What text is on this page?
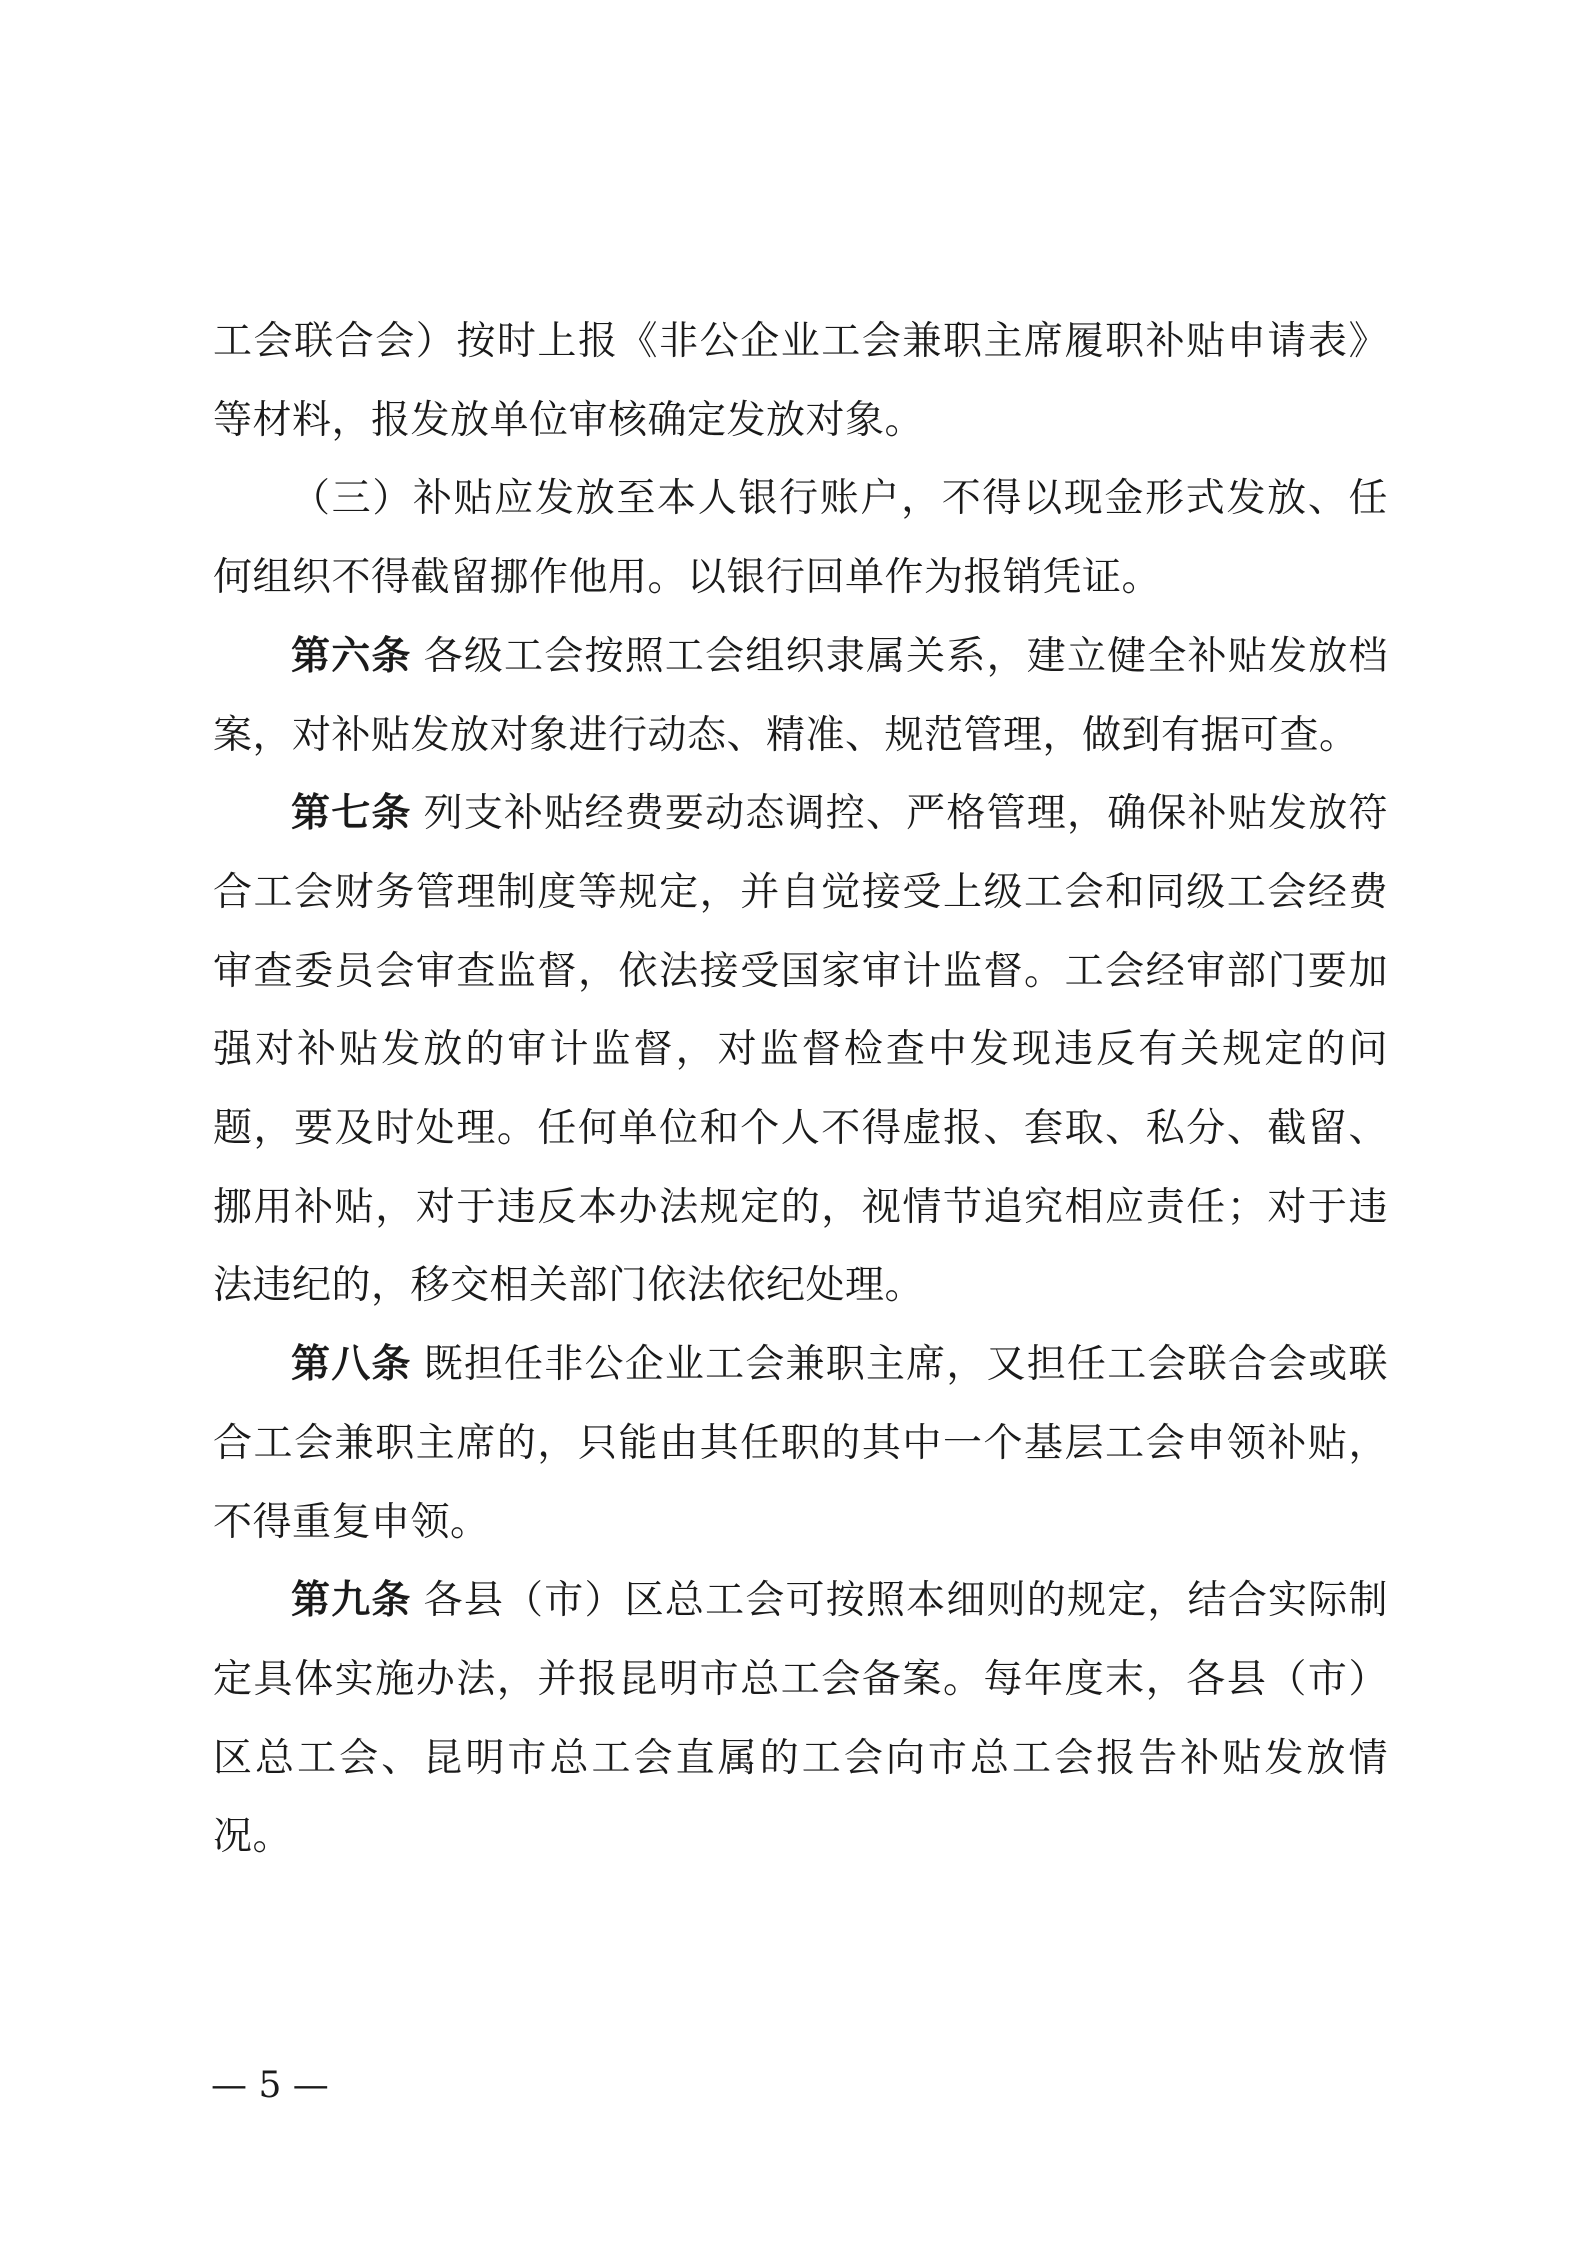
工会联合会）按时上报《非公企业工会兼职主席履职补贴申请表》等材料，报发放单位审核确定发放对象。

（三）补贴应发放至本人银行账户，不得以现金形式发放、任何组织不得截留挪作他用。以银行回单作为报销凭证。

第六条 各级工会按照工会组织隶属关系，建立健全补贴发放档案，对补贴发放对象进行动态、精准、规范管理，做到有据可查。

第七条 列支补贴经费要动态调控、严格管理，确保补贴发放符合工会财务管理制度等规定，并自觉接受上级工会和同级工会经费审查委员会审查监督，依法接受国家审计监督。工会经审部门要加强对补贴发放的审计监督，对监督检查中发现违反有关规定的问题，要及时处理。任何单位和个人不得虚报、套取、私分、截留、挪用补贴，对于违反本办法规定的，视情节追究相应责任；对于违法违纪的，移交相关部门依法依纪处理。

第八条 既担任非公企业工会兼职主席，又担任工会联合会或联合工会兼职主席的，只能由其任职的其中一个基层工会申领补贴，不得重复申领。

第九条 各县（市）区总工会可按照本细则的规定，结合实际制定具体实施办法，并报昆明市总工会备案。每年度末，各县（市）区总工会、昆明市总工会直属的工会向市总工会报告补贴发放情况。

— 5 —
